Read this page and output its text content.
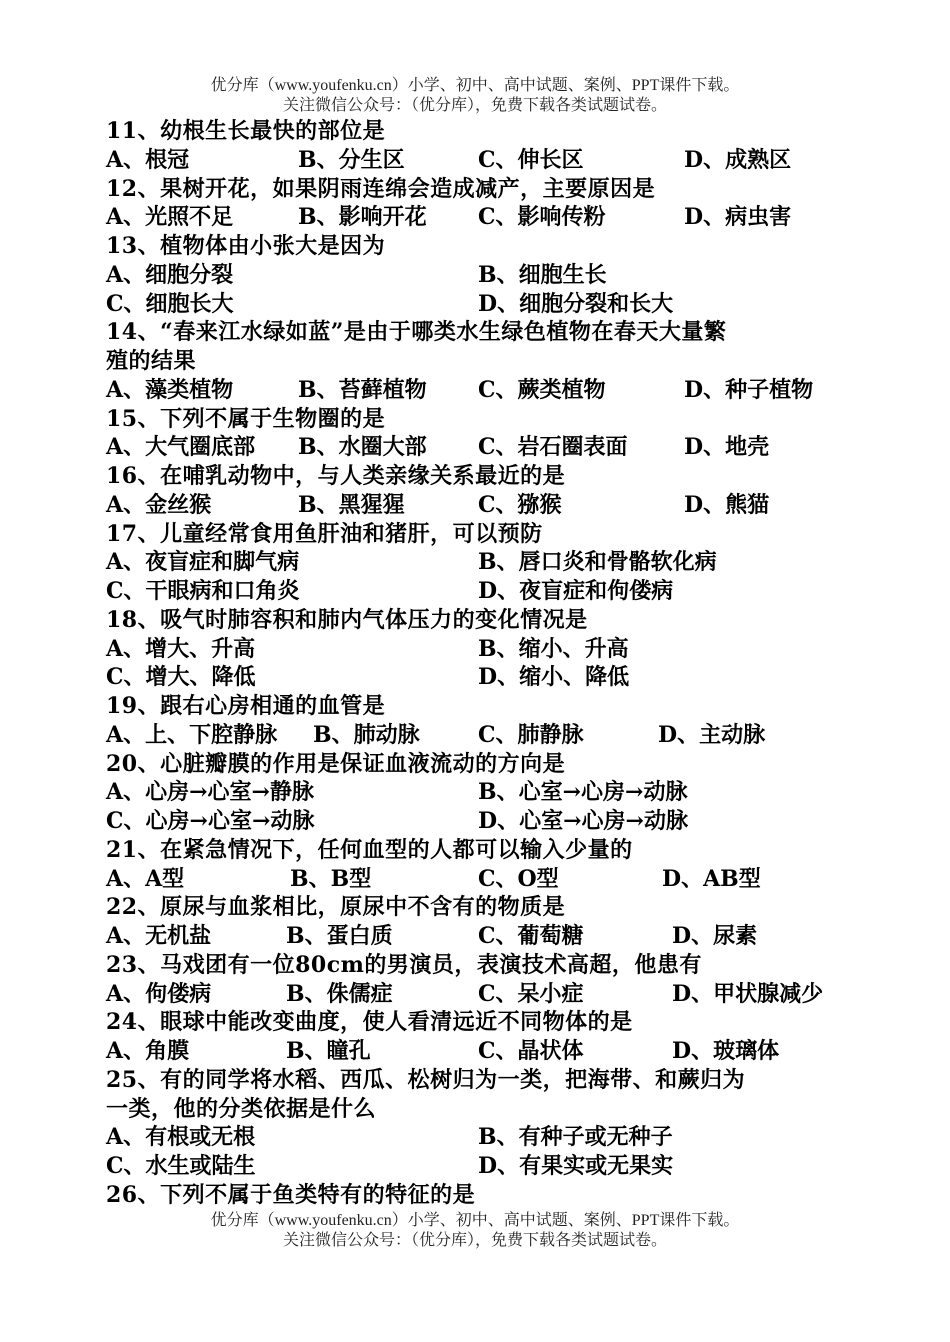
优分库（www.youfenku.cn）小学、初中、高中试题、案例、PPT课件下载。
关注微信公众号：（优分库），免费下载各类试题试卷。
11、幼根生长最快的部位是
A、根冠	B、分生区	C、伸长区	D、成熟区
12、果树开花，如果阴雨连绵会造成减产，主要原因是
A、光照不足	B、影响开花 C、影响传粉	D、病虫害
13、植物体由小张大是因为
A、细胞分裂	B、细胞生长
C、细胞长大	D、细胞分裂和长大
14、“春来江水绿如蓝”是由于哪类水生绿色植物在春天大量繁
殖的结果
A、藻类植物	B、苔藓植物 C、蕨类植物	D、种子植物
15、下列不属于生物圈的是
A、大气圈底部 B、水圈大部 C、岩石圈表面	D、地壳
16、在哺乳动物中，与人类亲缘关系最近的是
A、金丝猴	B、黑猩猩	C、猕猴	D、熊猫
17、儿童经常食用鱼肝油和猪肝，可以预防
A、夜盲症和脚气病	B、唇口炎和骨骼软化病
C、干眼病和口角炎	D、夜盲症和佝偻病
18、吸气时肺容积和肺内气体压力的变化情况是
A、增大、升高	B、缩小、升高
C、增大、降低	D、缩小、降低
19、跟右心房相通的血管是
A、上、下腔静脉 B、肺动脉	C、肺静脉	D、主动脉
20、心脏瓣膜的作用是保证血液流动的方向是
A、心房→心室→静脉	B、心室→心房→动脉
C、心房→心室→动脉	D、心室→心房→动脉
21、在紧急情况下，任何血型的人都可以输入少量的
A、A型	B、B型	C、O型	D、AB型
22、原尿与血浆相比，原尿中不含有的物质是
A、无机盐	B、蛋白质	C、葡萄糖	D、尿素
23、马戏团有一位80cm的男演员，表演技术高超，他患有
A、佝偻病	B、侏儒症	C、呆小症	D、甲状腺减少
24、眼球中能改变曲度，使人看清远近不同物体的是
A、角膜	B、瞳孔	C、晶状体	D、玻璃体
25、有的同学将水稻、西瓜、松树归为一类，把海带、和蕨归为
一类，他的分类依据是什么
A、有根或无根	B、有种子或无种子
C、水生或陆生	D、有果实或无果实
26、下列不属于鱼类特有的特征的是
优分库（www.youfenku.cn）小学、初中、高中试题、案例、PPT课件下载。
关注微信公众号：（优分库），免费下载各类试题试卷。
